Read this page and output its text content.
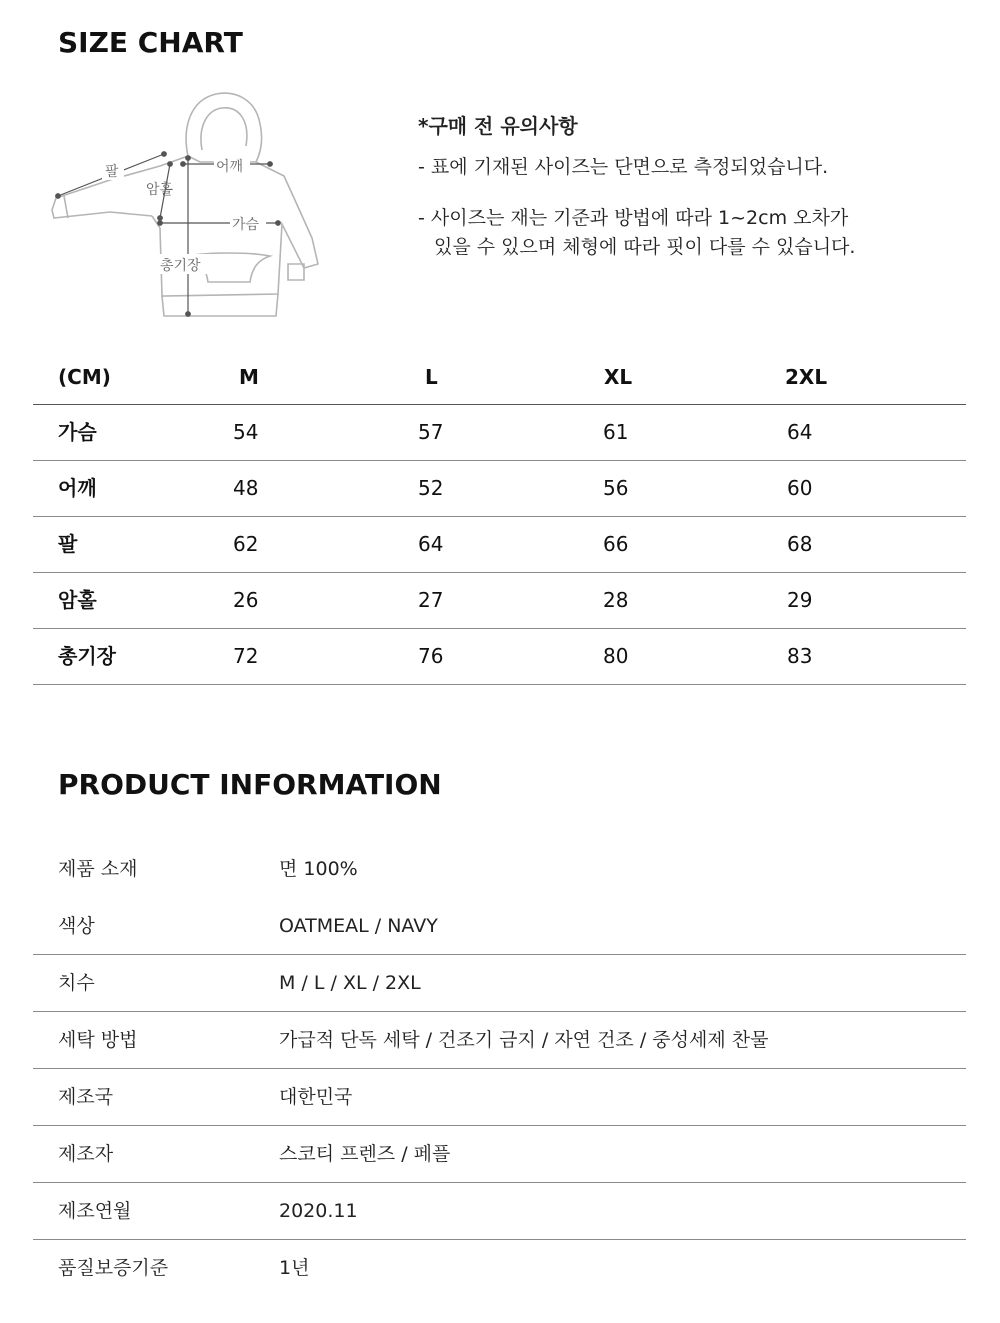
SIZE CHART
팔	어깨
암홀
가슴
총기장
*구매 전 유의사항
- 표에 기재된 사이즈는 단면으로 측정되었습니다.
- 사이즈는 재는 기준과 방법에 따라 1~2cm 오차가
있을 수 있으며 체형에 따라 핏이 다를 수 있습니다.
(CM)	M	L	XL	2XL
가슴	54	57	61	64
어깨	48	52	56	60
팔	62	64	66	68
암홀	26	27	28	29
총기장	72	76	80	83
PRODUCT INFORMATION
제품 소재	면 100%
색상	OATMEAL / NAVY
치수	M / L / XL / 2XL
세탁 방법	가급적 단독 세탁 / 건조기 금지 / 자연 건조 / 중성세제 찬물
제조국	대한민국
제조자	스코티 프렌즈 / 페플
제조연월	2020.11
품질보증기준	1년
